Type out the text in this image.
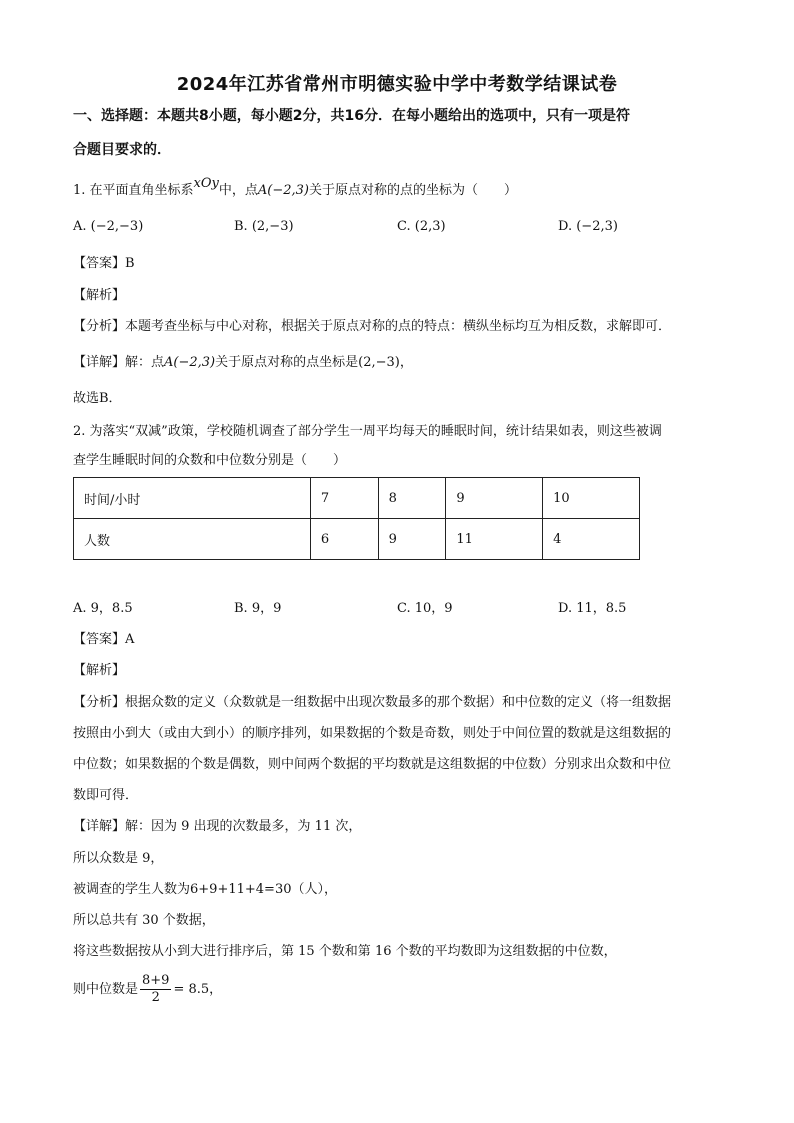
2024年江苏省常州市明德实验中学中考数学结课试卷
一、选择题：本题共8小题，每小题2分，共16分．在每小题给出的选项中，只有一项是符
合题目要求的．
1. 在平面直角坐标系xOy中，点A(−2,3)关于原点对称的点的坐标为（　　）
A. (−2,−3)	B. (2,−3)	C. (2,3)	D. (−2,3)
【答案】B
【解析】
【分析】本题考查坐标与中心对称，根据关于原点对称的点的特点：横纵坐标均互为相反数，求解即可．
【详解】解：点A(−2,3)关于原点对称的点坐标是(2,−3)，
故选B．
2. 为落实“双减”政策，学校随机调查了部分学生一周平均每天的睡眠时间，统计结果如表，则这些被调
查学生睡眠时间的众数和中位数分别是（　　）
时间/小时	7	8	9	10
人数	6	9	11	4
A. 9，8.5	B. 9，9	C. 10，9	D. 11，8.5
【答案】A
【解析】
【分析】根据众数的定义（众数就是一组数据中出现次数最多的那个数据）和中位数的定义（将一组数据
按照由小到大（或由大到小）的顺序排列，如果数据的个数是奇数，则处于中间位置的数就是这组数据的
中位数；如果数据的个数是偶数，则中间两个数据的平均数就是这组数据的中位数）分别求出众数和中位
数即可得．
【详解】解：因为 9 出现的次数最多，为 11 次，
所以众数是 9，
被调查的学生人数为6+9+11+4=30（人），
所以总共有 30 个数据，
将这些数据按从小到大进行排序后，第 15 个数和第 16 个数的平均数即为这组数据的中位数，
则中位数是 $\frac{8+9}{2} = 8.5$，
